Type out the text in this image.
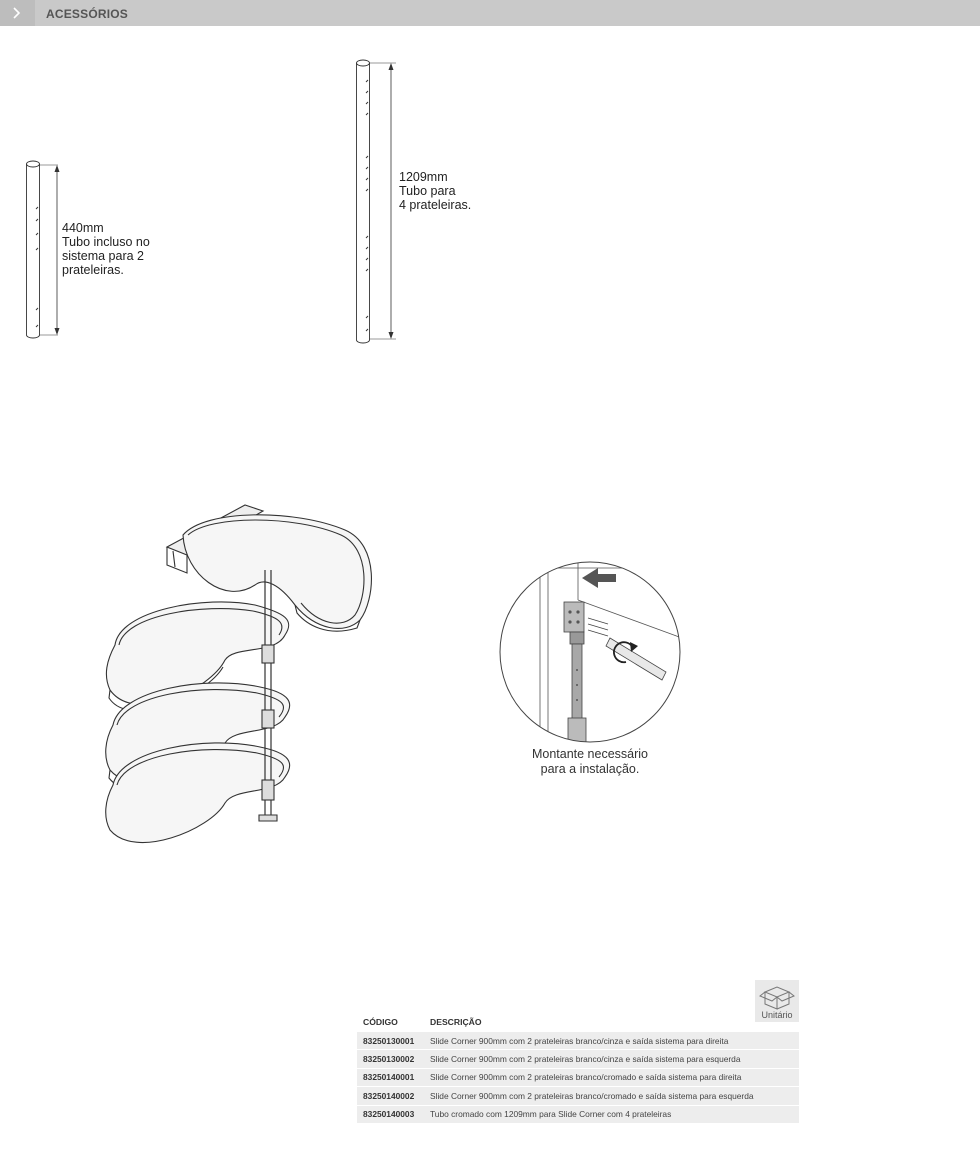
ACESSÓRIOS
440mm
Tubo incluso no
sistema para 2
prateleiras.
1209mm
Tubo para
4 prateleiras.
Montante necessário
para a instalação.
Unitário
CÓDIGO	DESCRIÇÃO
83250130001	Slide Corner 900mm com 2 prateleiras branco/cinza e saída sistema para direita
83250130002	Slide Corner 900mm com 2 prateleiras branco/cinza e saída sistema para esquerda
83250140001	Slide Corner 900mm com 2 prateleiras branco/cromado e saída sistema para direita
83250140002	Slide Corner 900mm com 2 prateleiras branco/cromado e saída sistema para esquerda
83250140003	Tubo cromado com 1209mm para Slide Corner com 4 prateleiras
